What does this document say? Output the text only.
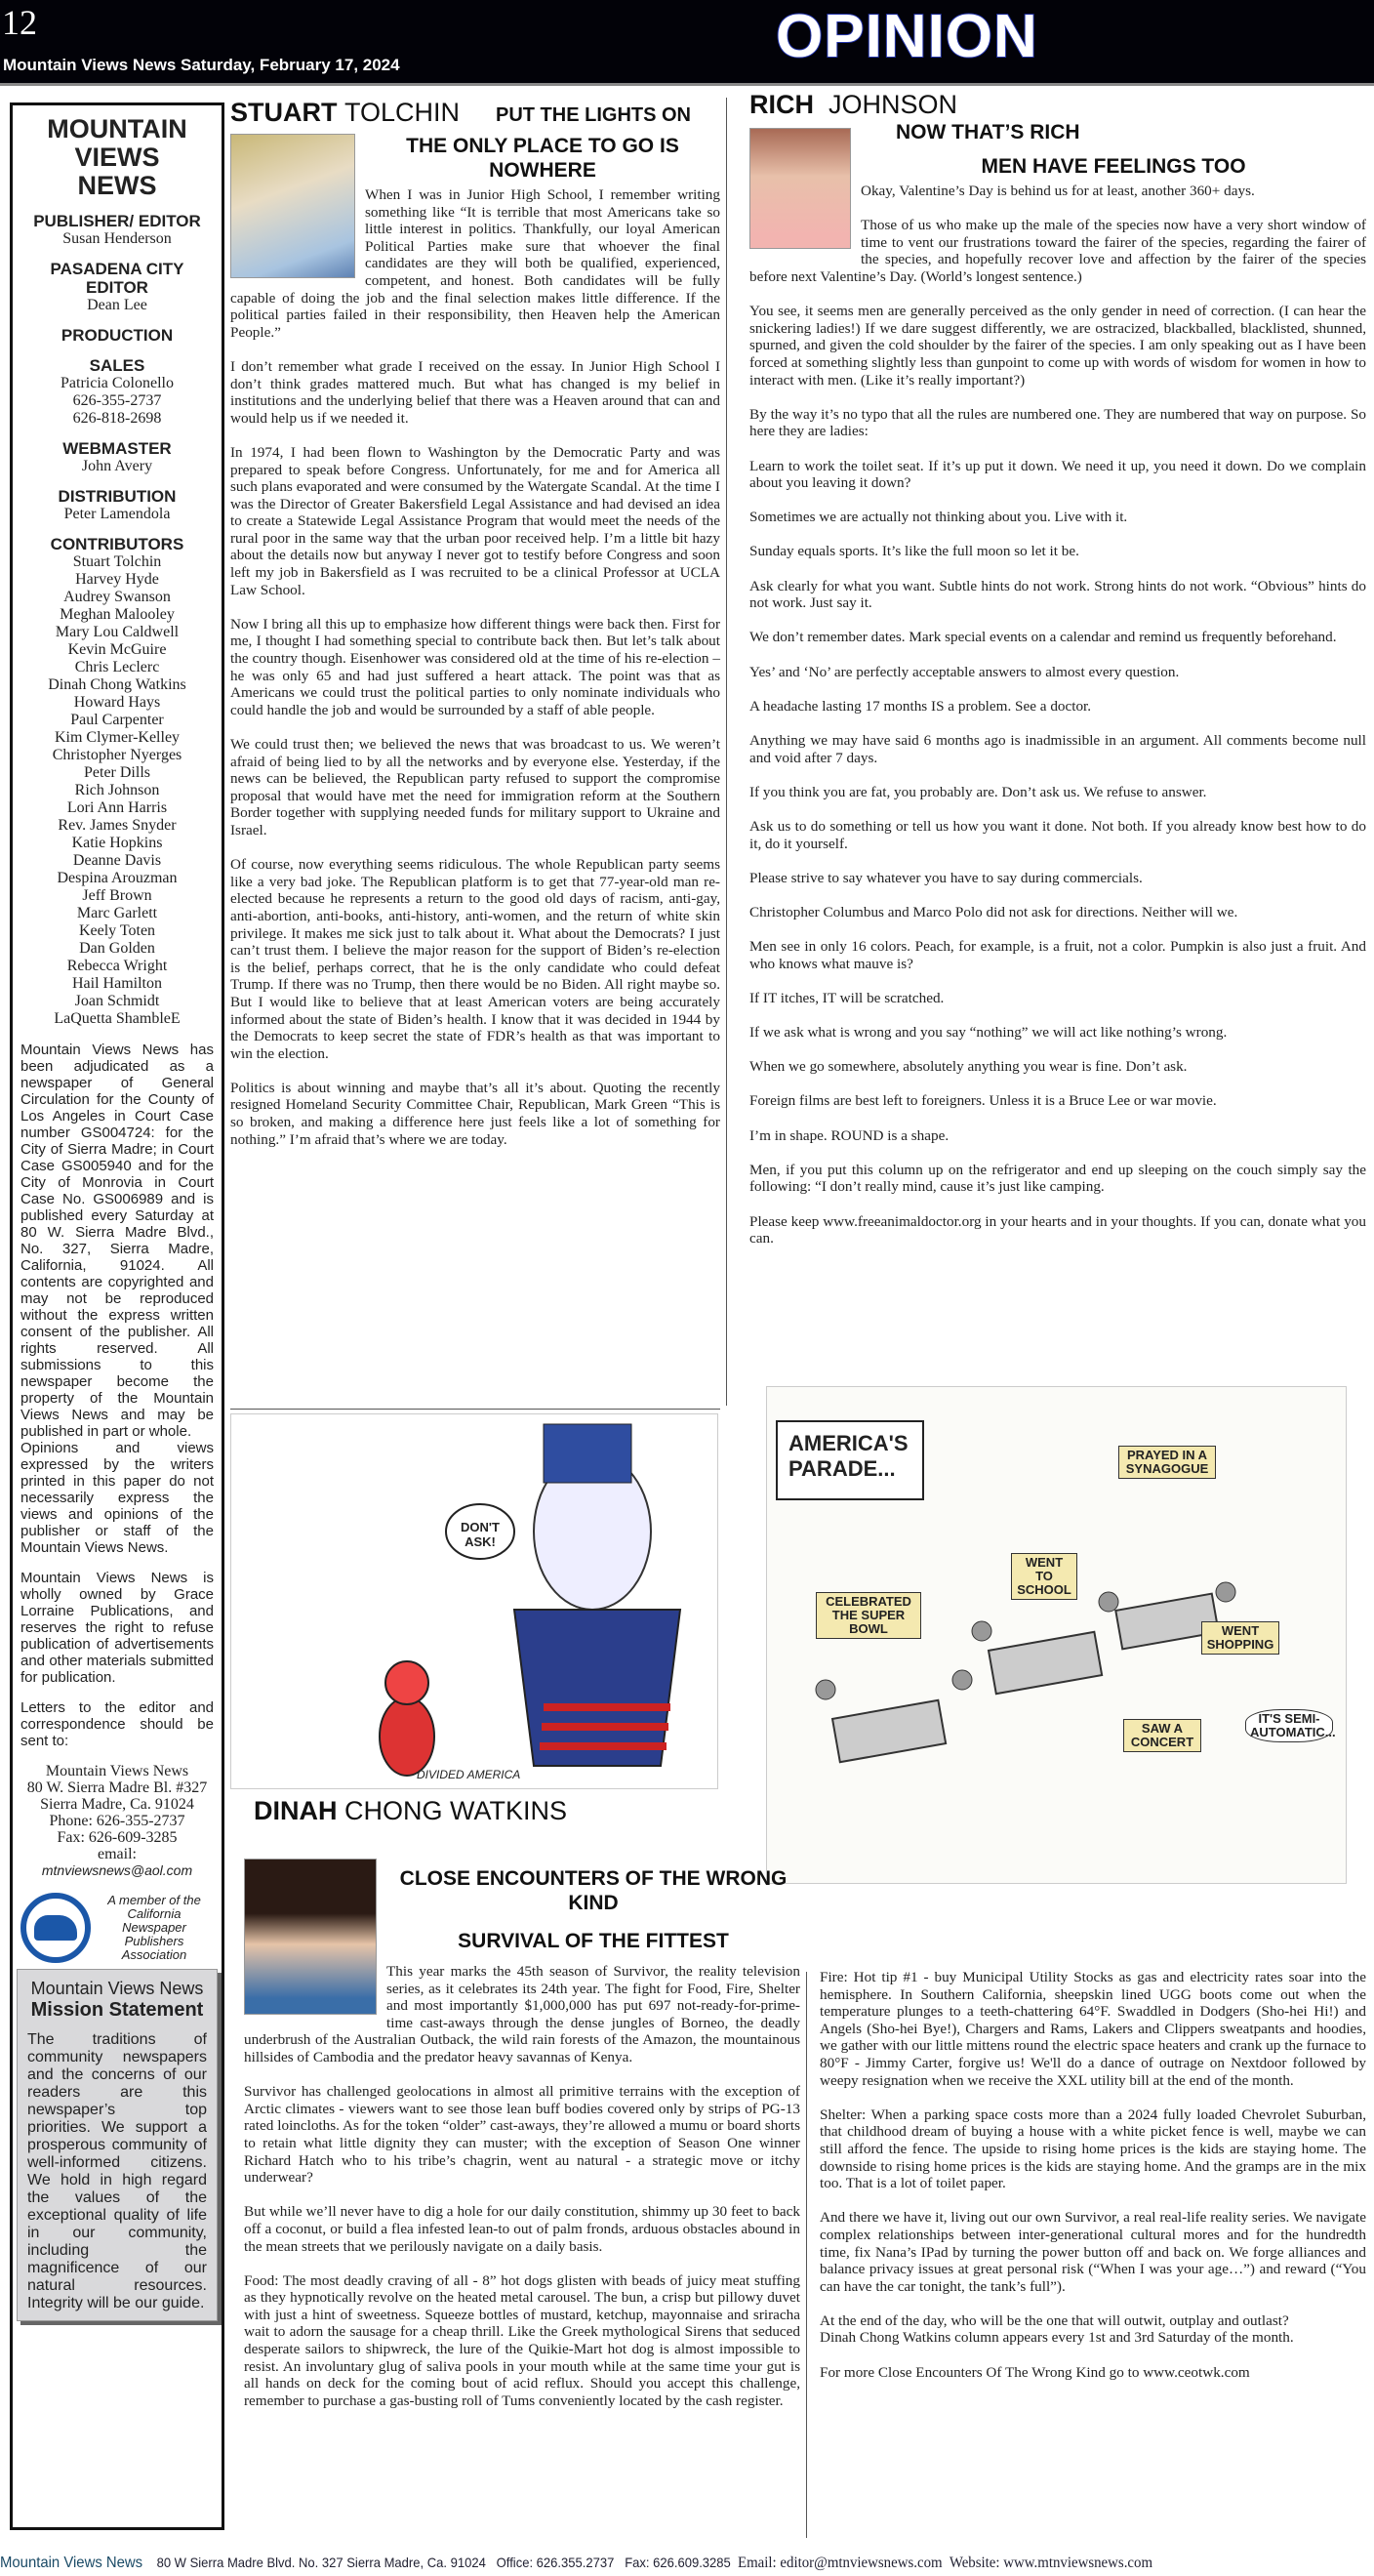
12
Mountain Views News Saturday, February 17, 2024	OPINION
MOUNTAIN
VIEWS
NEWS
PUBLISHER/ EDITOR
Susan Henderson
PASADENA CITY EDITOR
Dean Lee
PRODUCTION
SALES
Patricia Colonello
626-355-2737
626-818-2698
WEBMASTER
John Avery
DISTRIBUTION
Peter Lamendola
CONTRIBUTORS
Stuart Tolchin
Harvey Hyde
Audrey Swanson
Meghan Malooley
Mary Lou Caldwell
Kevin McGuire
Chris Leclerc
Dinah Chong Watkins
Howard Hays
Paul Carpenter
Kim Clymer-Kelley
Christopher Nyerges
Peter Dills
Rich Johnson
Lori Ann Harris
Rev. James Snyder
Katie Hopkins
Deanne Davis
Despina Arouzman
Jeff Brown
Marc Garlett
Keely Toten
Dan Golden
Rebecca Wright
Hail Hamilton
Joan Schmidt
LaQuetta ShambleE

Mountain Views News has been adjudicated as a newspaper of General Circulation for the County of Los Angeles in Court Case number GS004724: for the City of Sierra Madre; in Court Case GS005940 and for the City of Monrovia in Court Case No. GS006989 and is published every Saturday at 80 W. Sierra Madre Blvd., No. 327, Sierra Madre, California, 91024. All contents are copyrighted and may not be reproduced without the express written consent of the publisher. All rights reserved. All submissions to this newspaper become the property of the Mountain Views News and may be published in part or whole.

Opinions and views expressed by the writers printed in this paper do not necessarily express the views and opinions of the publisher or staff of the Mountain Views News.

Mountain Views News is wholly owned by Grace Lorraine Publications, and reserves the right to refuse publication of advertisements and other materials submitted for publication.

Letters to the editor and correspondence should be sent to:

Mountain Views News
80 W. Sierra Madre Bl. #327
Sierra Madre, Ca. 91024
Phone: 626-355-2737
Fax: 626-609-3285
email:
mtnviewsnews@aol.com
A member of the California Newspaper Publishers Association
Mountain Views News
Mission Statement

The traditions of community newspapers and the concerns of our readers are this newspaper’s top priorities. We support a prosperous community of well-informed citizens. We hold in high regard the values of the exceptional quality of life in our community, including the magnificence of our natural resources. Integrity will be our guide.

STUART TOLCHIN PUT THE LIGHTS ON
THE ONLY PLACE TO GO IS NOWHERE

When I was in Junior High School, I remember writing something like “It is terrible that most Americans take so little interest in politics. Thankfully, our loyal American Political Parties make sure that whoever the final candidates are they will both be qualified, experienced, competent, and honest. Both candidates will be fully capable of doing the job and the final selection makes little difference. If the political parties failed in their responsibility, then Heaven help the American People.”

I don’t remember what grade I received on the essay. In Junior High School I don’t think grades mattered much. But what has changed is my belief in institutions and the underlying belief that there was a Heaven around that can and would help us if we needed it.

In 1974, I had been flown to Washington by the Democratic Party and was prepared to speak before Congress. Unfortunately, for me and for America all such plans evaporated and were consumed by the Watergate Scandal. At the time I was the Director of Greater Bakersfield Legal Assistance and had devised an idea to create a Statewide Legal Assistance Program that would meet the needs of the rural poor in the same way that the urban poor received help. I’m a little bit hazy about the details now but anyway I never got to testify before Congress and soon left my job in Bakersfield as I was recruited to be a clinical Professor at UCLA Law School.

Now I bring all this up to emphasize how different things were back then. First for me, I thought I had something special to contribute back then. But let’s talk about the country though. Eisenhower was considered old at the time of his re-election – he was only 65 and had just suffered a heart attack. The point was that as Americans we could trust the political parties to only nominate individuals who could handle the job and would be surrounded by a staff of able people.

We could trust then; we believed the news that was broadcast to us. We weren’t afraid of being lied to by all the networks and by everyone else. Yesterday, if the news can be believed, the Republican party refused to support the compromise proposal that would have met the need for immigration reform at the Southern Border together with supplying needed funds for military support to Ukraine and Israel.

Of course, now everything seems ridiculous. The whole Republican party seems like a very bad joke. The Republican platform is to get that 77-year-old man re-elected because he represents a return to the good old days of racism, anti-gay, anti-abortion, anti-books, anti-history, anti-women, and the return of white skin privilege. It makes me sick just to talk about it. What about the Democrats? I just can’t trust them. I believe the major reason for the support of Biden’s re-election is the belief, perhaps correct, that he is the only candidate who could defeat Trump. If there was no Trump, then there would be no Biden. All right maybe so. But I would like to believe that at least American voters are being accurately informed about the state of Biden’s health. I know that it was decided in 1944 by the Democrats to keep secret the state of FDR’s health as that was important to win the election.

Politics is about winning and maybe that’s all it’s about. Quoting the recently resigned Homeland Security Committee Chair, Republican, Mark Green “This is so broken, and making a difference here just feels like a lot of something for nothing.” I’m afraid that’s where we are today.

DON'T ASK!
DIVIDED AMERICA
RICH JOHNSON
NOW THAT’S RICH
MEN HAVE FEELINGS TOO

Okay, Valentine’s Day is behind us for at least, another 360+ days.

Those of us who make up the male of the species now have a very short window of time to vent our frustrations toward the fairer of the species, regarding the fairer of the species, and hopefully recover love and affection by the fairer of the species before next Valentine’s Day. (World’s longest sentence.)

You see, it seems men are generally perceived as the only gender in need of correction. (I can hear the snickering ladies!) If we dare suggest differently, we are ostracized, blackballed, blacklisted, shunned, spurned, and given the cold shoulder by the fairer of the species. I am only speaking out as I have been forced at something slightly less than gunpoint to come up with words of wisdom for women in how to interact with men. (Like it’s really important?)

By the way it’s no typo that all the rules are numbered one. They are numbered that way on purpose. So here they are ladies:

Learn to work the toilet seat. If it’s up put it down. We need it up, you need it down. Do we complain about you leaving it down?

Sometimes we are actually not thinking about you. Live with it.

Sunday equals sports. It’s like the full moon so let it be.

Ask clearly for what you want. Subtle hints do not work. Strong hints do not work. “Obvious” hints do not work. Just say it.

We don’t remember dates. Mark special events on a calendar and remind us frequently beforehand.

Yes’ and ‘No’ are perfectly acceptable answers to almost every question.

A headache lasting 17 months IS a problem. See a doctor.

Anything we may have said 6 months ago is inadmissible in an argument. All comments become null and void after 7 days.

If you think you are fat, you probably are. Don’t ask us. We refuse to answer.

Ask us to do something or tell us how you want it done. Not both. If you already know best how to do it, do it yourself.

Please strive to say whatever you have to say during commercials.

Christopher Columbus and Marco Polo did not ask for directions. Neither will we.

Men see in only 16 colors. Peach, for example, is a fruit, not a color. Pumpkin is also just a fruit. And who knows what mauve is?

If IT itches, IT will be scratched.

If we ask what is wrong and you say “nothing” we will act like nothing’s wrong.

When we go somewhere, absolutely anything you wear is fine. Don’t ask.

Foreign films are best left to foreigners. Unless it is a Bruce Lee or war movie.

I’m in shape. ROUND is a shape.

Men, if you put this column up on the refrigerator and end up sleeping on the couch simply say the following: “I don’t really mind, cause it’s just like camping.

Please keep www.freeanimaldoctor.org in your hearts and in your thoughts. If you can, donate what you can.

AMERICA'S PARADE...
PRAYED IN A SYNAGOGUE
WENT TO SCHOOL
CELEBRATED THE SUPER BOWL	WENT SHOPPING
SAW A CONCERT
IT'S SEMI-AUTOMATIC...
DINAH CHONG WATKINS
CLOSE ENCOUNTERS OF THE WRONG KIND
SURVIVAL OF THE FITTEST

This year marks the 45th season of Survivor, the reality television series, as it celebrates its 24th year. The fight for Food, Fire, Shelter and most importantly $1,000,000 has put 697 not-ready-for-prime-time cast-aways through the dense jungles of Borneo, the deadly underbrush of the Australian Outback, the wild rain forests of the Amazon, the mountainous hillsides of Cambodia and the predator heavy savannas of Kenya.

Survivor has challenged geolocations in almost all primitive terrains with the exception of Arctic climates - viewers want to see those lean buff bodies covered only by strips of PG-13 rated loincloths. As for the token “older” cast-aways, they’re allowed a mumu or board shorts to retain what little dignity they can muster; with the exception of Season One winner Richard Hatch who to his tribe’s chagrin, went au natural - a strategic move or itchy underwear?

But while we’ll never have to dig a hole for our daily constitution, shimmy up 30 feet to back off a coconut, or build a flea infested lean-to out of palm fronds, arduous obstacles abound in the mean streets that we perilously navigate on a daily basis.

Food: The most deadly craving of all - 8” hot dogs glisten with beads of juicy meat stuffing as they hypnotically revolve on the heated metal carousel. The bun, a crisp but pillowy duvet with just a hint of sweetness. Squeeze bottles of mustard, ketchup, mayonnaise and sriracha wait to adorn the sausage for a cheap thrill. Like the Greek mythological Sirens that seduced desperate sailors to shipwreck, the lure of the Quikie-Mart hot dog is almost impossible to resist. An involuntary glug of saliva pools in your mouth while at the same time your gut is all hands on deck for the coming bout of acid reflux. Should you accept this challenge, remember to purchase a gas-busting roll of Tums conveniently located by the cash register.

Fire: Hot tip #1 - buy Municipal Utility Stocks as gas and electricity rates soar into the hemisphere. In Southern California, sheepskin lined UGG boots come out when the temperature plunges to a teeth-chattering 64°F. Swaddled in Dodgers (Sho-hei Hi!) and Angels (Sho-hei Bye!), Chargers and Rams, Lakers and Clippers sweatpants and hoodies, we gather with our little mittens round the electric space heaters and crank up the furnace to 80°F - Jimmy Carter, forgive us! We'll do a dance of outrage on Nextdoor followed by weepy resignation when we receive the XXL utility bill at the end of the month.

Shelter: When a parking space costs more than a 2024 fully loaded Chevrolet Suburban, that childhood dream of buying a house with a white picket fence is well, maybe we can still afford the fence. The upside to rising home prices is the kids are staying home. The downside to rising home prices is the kids are staying home. And the gramps are in the mix too. That is a lot of toilet paper.

And there we have it, living out our own Survivor, a real real-life reality series. We navigate complex relationships between inter-generational cultural mores and for the hundredth time, fix Nana’s IPad by turning the power button off and back on. We forge alliances and balance privacy issues at great personal risk (“When I was your age…”) and reward (“You can have the car tonight, the tank’s full”).

At the end of the day, who will be the one that will outwit, outplay and outlast?

Dinah Chong Watkins column appears every 1st and 3rd Saturday of the month.

For more Close Encounters Of The Wrong Kind go to www.ceotwk.com

Mountain Views News 80 W Sierra Madre Blvd. No. 327 Sierra Madre, Ca. 91024 Office: 626.355.2737 Fax: 626.609.3285 Email: editor@mtnviewsnews.com Website: www.mtnviewsnews.com
